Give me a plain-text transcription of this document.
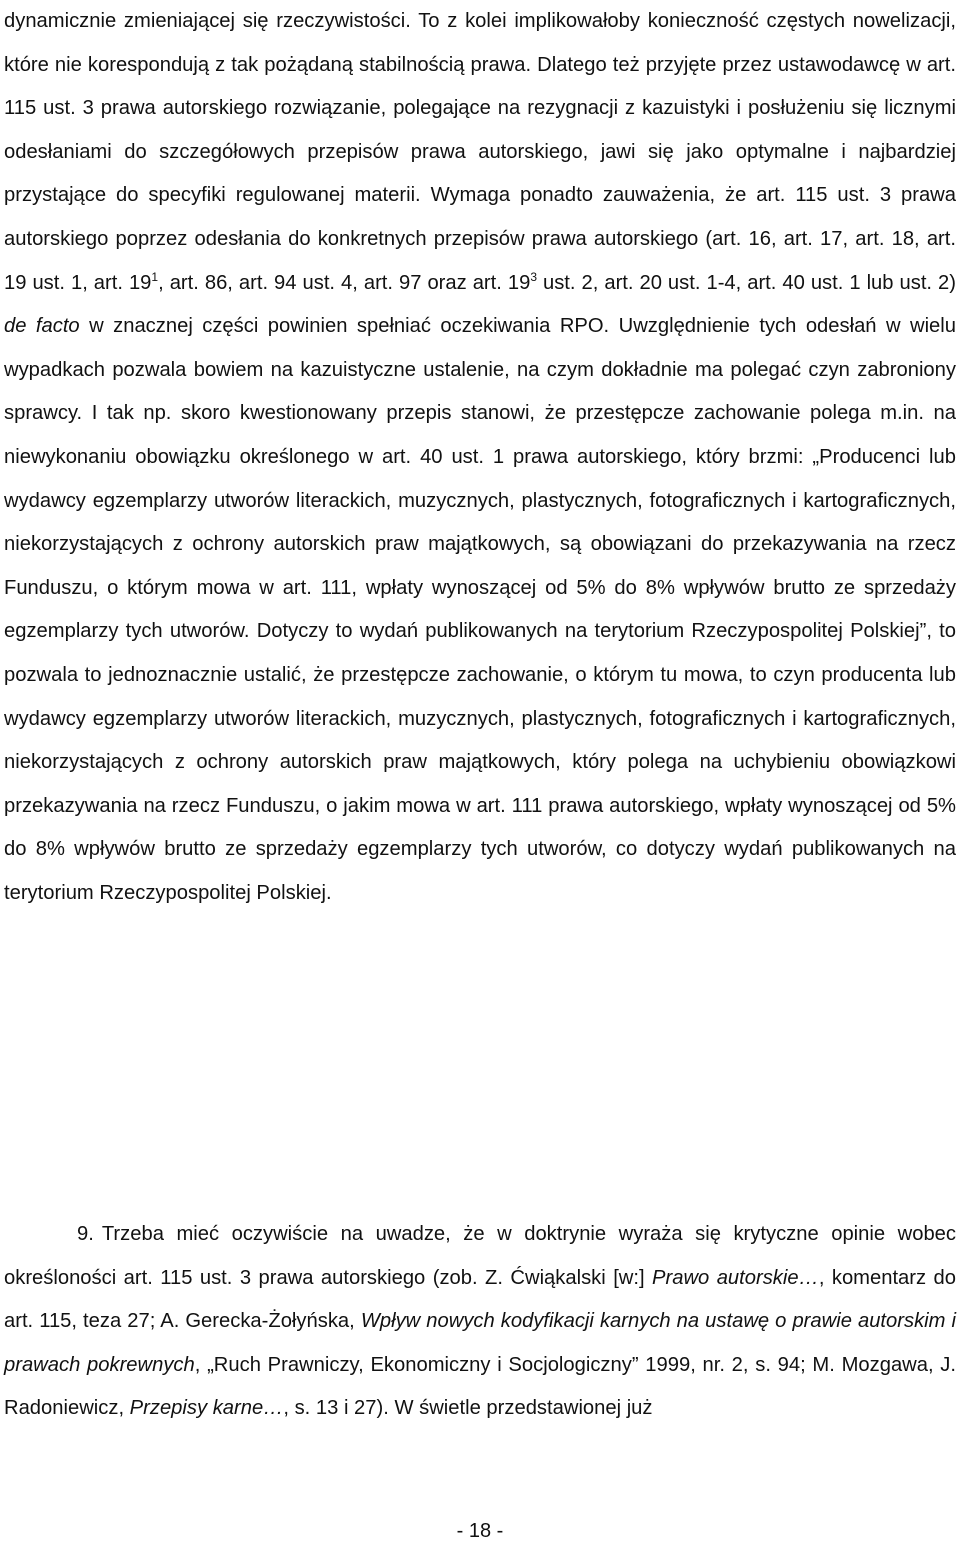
dynamicznie zmieniającej się rzeczywistości. To z kolei implikowałoby konieczność częstych nowelizacji, które nie korespondują z tak pożądaną stabilnością prawa. Dlatego też przyjęte przez ustawodawcę w art. 115 ust. 3 prawa autorskiego rozwiązanie, polegające na rezygnacji z kazuistyki i posłużeniu się licznymi odesłaniami do szczegółowych przepisów prawa autorskiego, jawi się jako optymalne i najbardziej przystające do specyfiki regulowanej materii. Wymaga ponadto zauważenia, że art. 115 ust. 3 prawa autorskiego poprzez odesłania do konkretnych przepisów prawa autorskiego (art. 16, art. 17, art. 18, art. 19 ust. 1, art. $19^1$, art. 86, art. 94 ust. 4, art. 97 oraz art. $19^3$ ust. 2, art. 20 ust. 1-4, art. 40 ust. 1 lub ust. 2) de facto w znacznej części powinien spełniać oczekiwania RPO. Uwzględnienie tych odesłań w wielu wypadkach pozwala bowiem na kazuistyczne ustalenie, na czym dokładnie ma polegać czyn zabroniony sprawcy. I tak np. skoro kwestionowany przepis stanowi, że przestępcze zachowanie polega m.in. na niewykonaniu obowiązku określonego w art. 40 ust. 1 prawa autorskiego, który brzmi: „Producenci lub wydawcy egzemplarzy utworów literackich, muzycznych, plastycznych, fotograficznych i kartograficznych, niekorzystających z ochrony autorskich praw majątkowych, są obowiązani do przekazywania na rzecz Funduszu, o którym mowa w art. 111, wpłaty wynoszącej od 5% do 8% wpływów brutto ze sprzedaży egzemplarzy tych utworów. Dotyczy to wydań publikowanych na terytorium Rzeczypospolitej Polskiej”, to pozwala to jednoznacznie ustalić, że przestępcze zachowanie, o którym tu mowa, to czyn producenta lub wydawcy egzemplarzy utworów literackich, muzycznych, plastycznych, fotograficznych i kartograficznych, niekorzystających z ochrony autorskich praw majątkowych, który polega na uchybieniu obowiązkowi przekazywania na rzecz Funduszu, o jakim mowa w art. 111 prawa autorskiego, wpłaty wynoszącej od 5% do 8% wpływów brutto ze sprzedaży egzemplarzy tych utworów, co dotyczy wydań publikowanych na terytorium Rzeczypospolitej Polskiej.
9. Trzeba mieć oczywiście na uwadze, że w doktrynie wyraża się krytyczne opinie wobec określoności art. 115 ust. 3 prawa autorskiego (zob. Z. Ćwiąkalski [w:] Prawo autorskie…, komentarz do art. 115, teza 27; A. Gerecka-Żołyńska, Wpływ nowych kodyfikacji karnych na ustawę o prawie autorskim i prawach pokrewnych, „Ruch Prawniczy, Ekonomiczny i Socjologiczny” 1999, nr. 2, s. 94; M. Mozgawa, J. Radoniewicz, Przepisy karne…, s. 13 i 27). W świetle przedstawionej już
- 18 -
